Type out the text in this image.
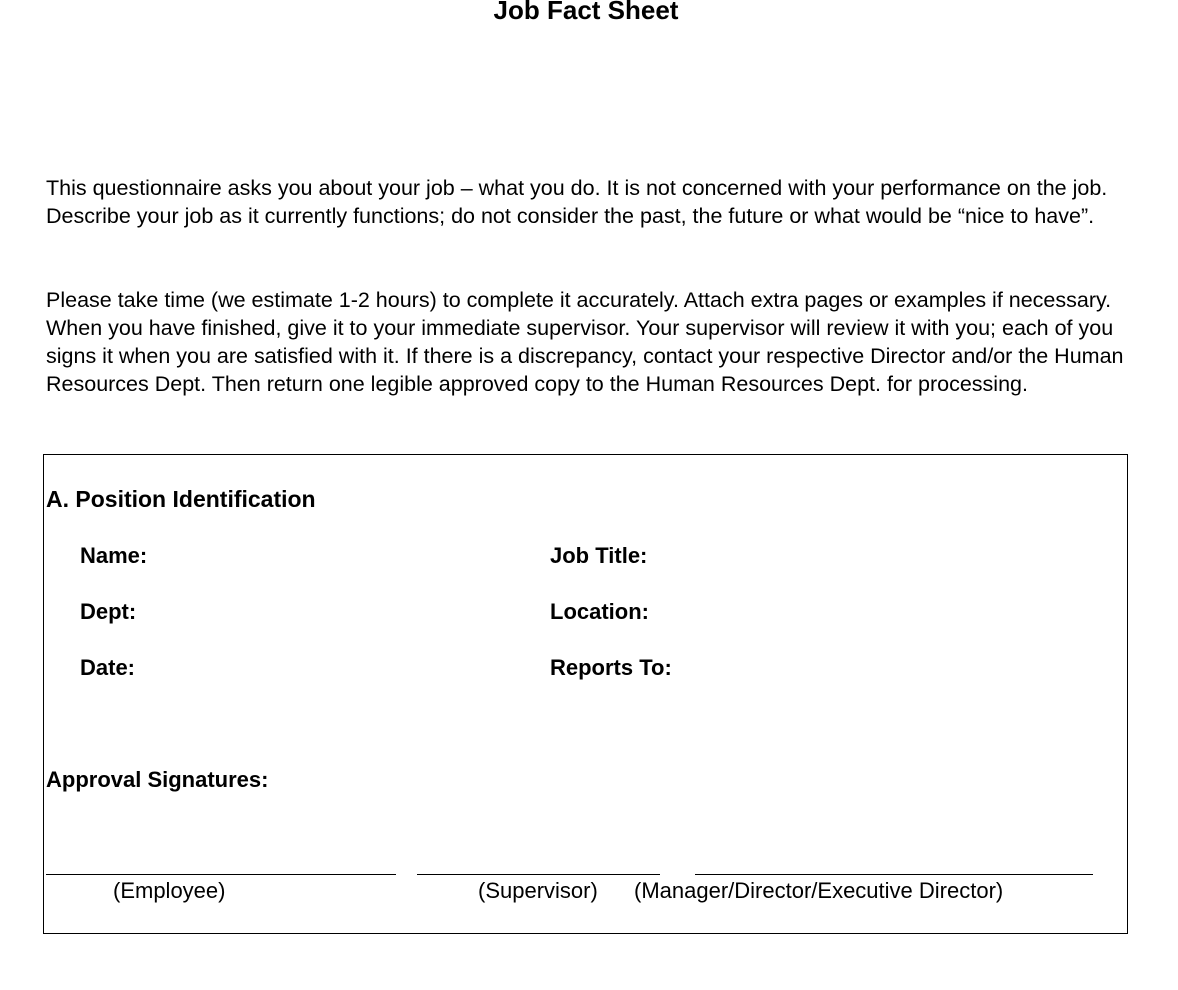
Job Fact Sheet

This questionnaire asks you about your job – what you do. It is not concerned with your performance on the job. Describe your job as it currently functions; do not consider the past, the future or what would be “nice to have”.

Please take time (we estimate 1-2 hours) to complete it accurately. Attach extra pages or examples if necessary. When you have finished, give it to your immediate supervisor. Your supervisor will review it with you; each of you signs it when you are satisfied with it. If there is a discrepancy, contact your respective Director and/or the Human Resources Dept. Then return one legible approved copy to the Human Resources Dept. for processing.

A. Position Identification
Name:	Job Title:
Dept:	Location:
Date:	Reports To:
Approval Signatures:
(Employee)	(Supervisor) (Manager/Director/Executive Director)
